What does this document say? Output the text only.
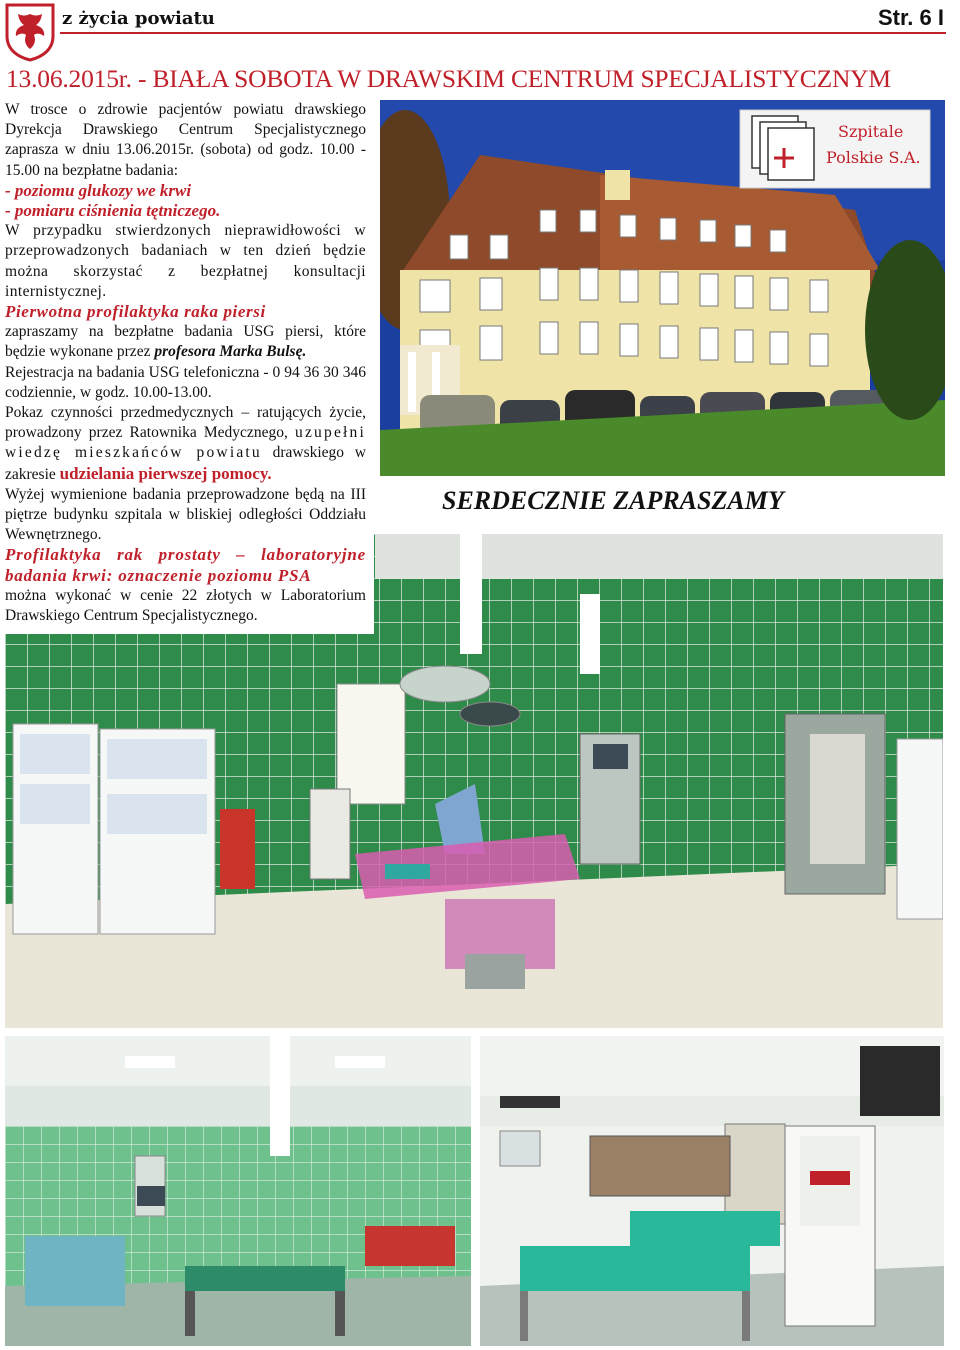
z życia powiatu	Str. 6 I
13.06.2015r. - BIAŁA SOBOTA W DRAWSKIM CENTRUM SPECJALISTYCZNYM
Szpitale
Polskie S.A.
SERDECZNIE ZAPRASZAMY

W trosce o zdrowie pacjentów powiatu drawskiego Dyrekcja Drawskiego Centrum Specjalistycznego zaprasza w dniu 13.06.2015r. (sobota) od godz. 10.00 - 15.00 na bezpłatne badania:

- poziomu glukozy we krwi

- pomiaru ciśnienia tętniczego.

W przypadku stwierdzonych nieprawidłowości w przeprowadzonych badaniach w ten dzień będzie można skorzystać z bezpłatnej konsultacji internistycznej.

Pierwotna profilaktyka raka piersi

zapraszamy na bezpłatne badania USG piersi, które będzie wykonane przez profesora Marka Bulsę.

Rejestracja na badania USG telefoniczna - 0 94 36 30 346 codziennie, w godz. 10.00-13.00.

Pokaz czynności przedmedycznych – ratujących życie, prowadzony przez Ratownika Medycznego, uzupełni wiedzę mieszkańców powiatu drawskiego w zakresie udzielania pierwszej pomocy.

Wyżej wymienione badania przeprowadzone będą na III piętrze budynku szpitala w bliskiej odległości Oddziału Wewnętrznego.

Profilaktyka rak prostaty – laboratoryjne badania krwi: oznaczenie poziomu PSA

można wykonać w cenie 22 złotych w Laboratorium Drawskiego Centrum Specjalistycznego.
